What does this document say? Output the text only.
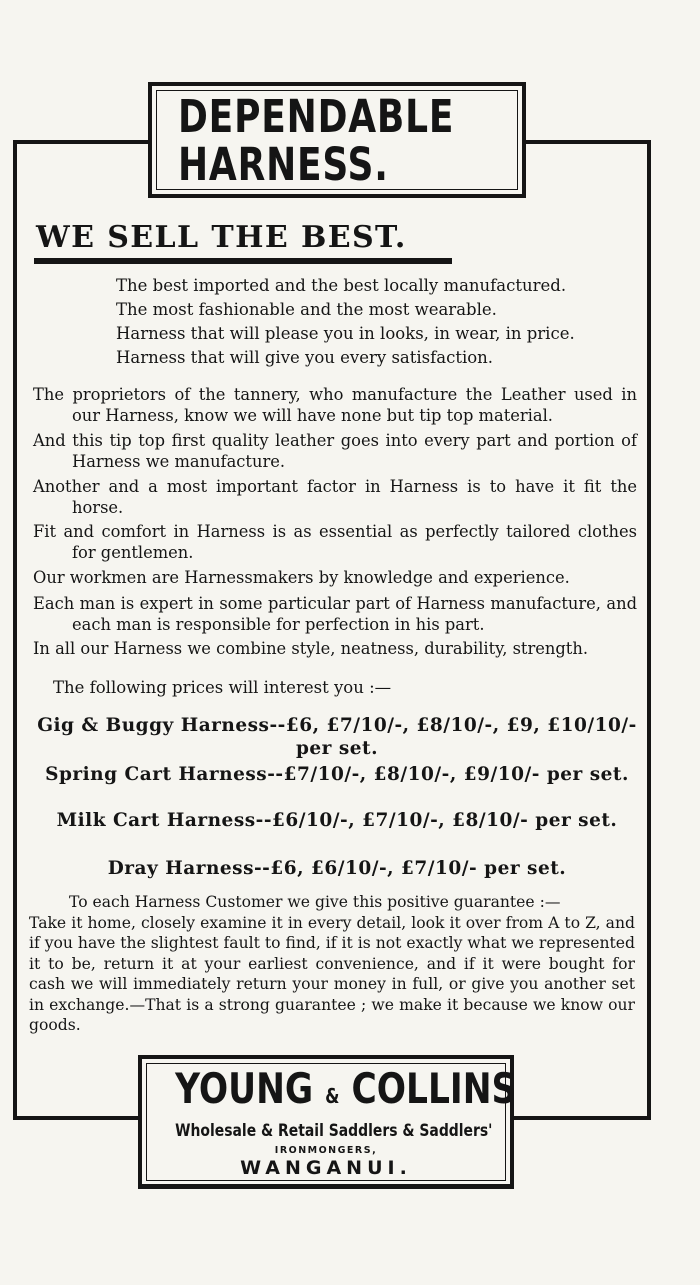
DEPENDABLE
HARNESS.
WE SELL THE BEST.
The best imported and the best locally manufactured.
The most fashionable and the most wearable.
Harness that will please you in looks, in wear, in price.
Harness that will give you every satisfaction.
The proprietors of the tannery, who manufacture the Leather used in our Harness, know we will have none but tip top material.
And this tip top first quality leather goes into every part and portion of Harness we manufacture.
Another and a most important factor in Harness is to have it fit the horse.
Fit and comfort in Harness is as essential as perfectly tailored clothes for gentlemen.
Our workmen are Harnessmakers by knowledge and experience.
Each man is expert in some particular part of Harness manufacture, and each man is responsible for perfection in his part.
In all our Harness we combine style, neatness, durability, strength.
The following prices will interest you :—
Gig & Buggy Harness--£6, £7/10/-, £8/10/-, £9, £10/10/- per set.
Spring Cart Harness--£7/10/-, £8/10/-, £9/10/- per set.
Milk Cart Harness--£6/10/-, £7/10/-, £8/10/- per set.
Dray Harness--£6, £6/10/-, £7/10/- per set.
To each Harness Customer we give this positive guarantee :—
Take it home, closely examine it in every detail, look it over from A to Z, and if you have the slightest fault to find, if it is not exactly what we represented it to be, return it at your earliest convenience, and if it were bought for cash we will immediately return your money in full, or give you another set in exchange.—That is a strong guarantee ; we make it because we know our goods.
YOUNG & COLLINS
Wholesale & Retail Saddlers & Saddlers'
IRONMONGERS,
WANGANUI.
